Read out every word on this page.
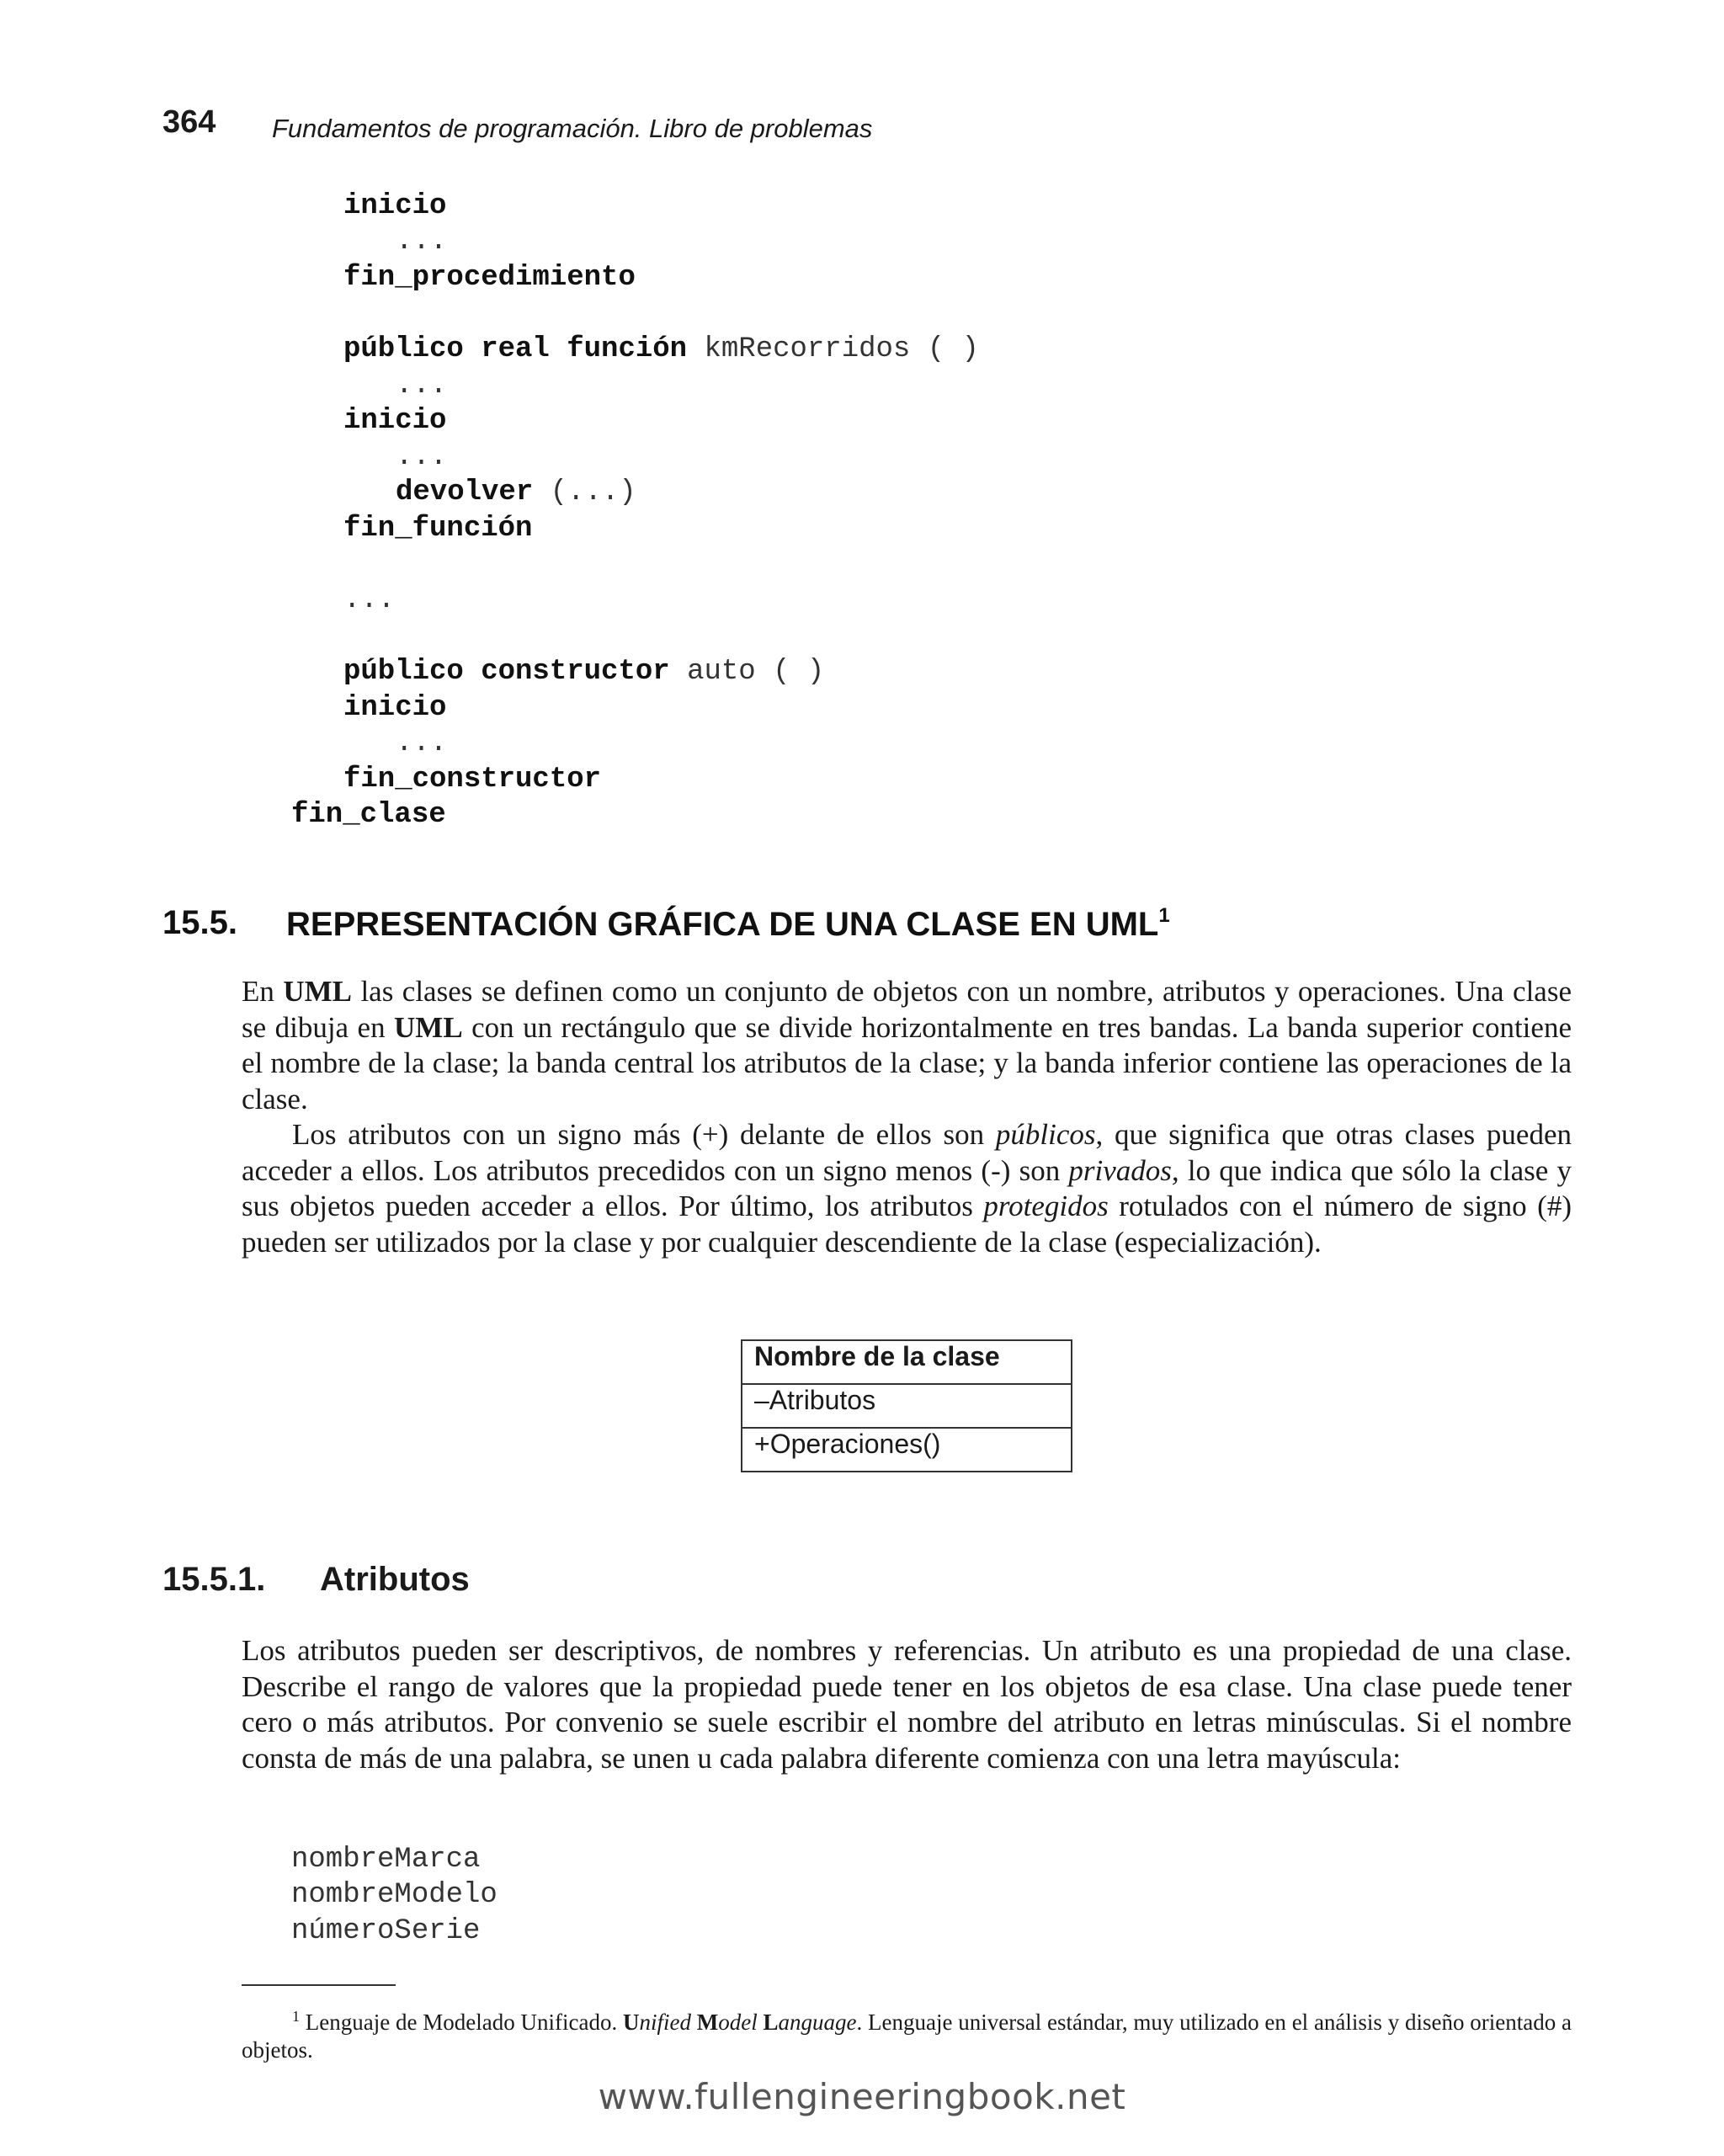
364 Fundamentos de programación. Libro de problemas

inicio

...

fin_procedimiento

público real función kmRecorridos ( )

...

inicio

...

devolver (...)

fin_función

...

público constructor auto ( )

inicio

...

fin_constructor

fin_clase

15.5. REPRESENTACIÓN GRÁFICA DE UNA CLASE EN UML$^1$

En UML las clases se definen como un conjunto de objetos con un nombre, atributos y operaciones. Una clase se dibuja en UML con un rectángulo que se divide horizontalmente en tres bandas. La banda superior contiene el nombre de la clase; la banda central los atributos de la clase; y la banda inferior contiene las operaciones de la clase.

Los atributos con un signo más (+) delante de ellos son públicos, que significa que otras clases pueden acceder a ellos. Los atributos precedidos con un signo menos (-) son privados, lo que indica que sólo la clase y sus objetos pueden acceder a ellos. Por último, los atributos protegidos rotulados con el número de signo (#) pueden ser utilizados por la clase y por cualquier descendiente de la clase (especialización).

Nombre de la clase
–Atributos
+Operaciones()
15.5.1. Atributos

Los atributos pueden ser descriptivos, de nombres y referencias. Un atributo es una propiedad de una clase. Describe el rango de valores que la propiedad puede tener en los objetos de esa clase. Una clase puede tener cero o más atributos. Por convenio se suele escribir el nombre del atributo en letras minúsculas. Si el nombre consta de más de una palabra, se unen u cada palabra diferente comienza con una letra mayúscula:

nombreMarca

nombreModelo

númeroSerie

$^1$ Lenguaje de Modelado Unificado. Unified Model Language. Lenguaje universal estándar, muy utilizado en el análisis y diseño orientado a objetos.
www.fullengineeringbook.net
